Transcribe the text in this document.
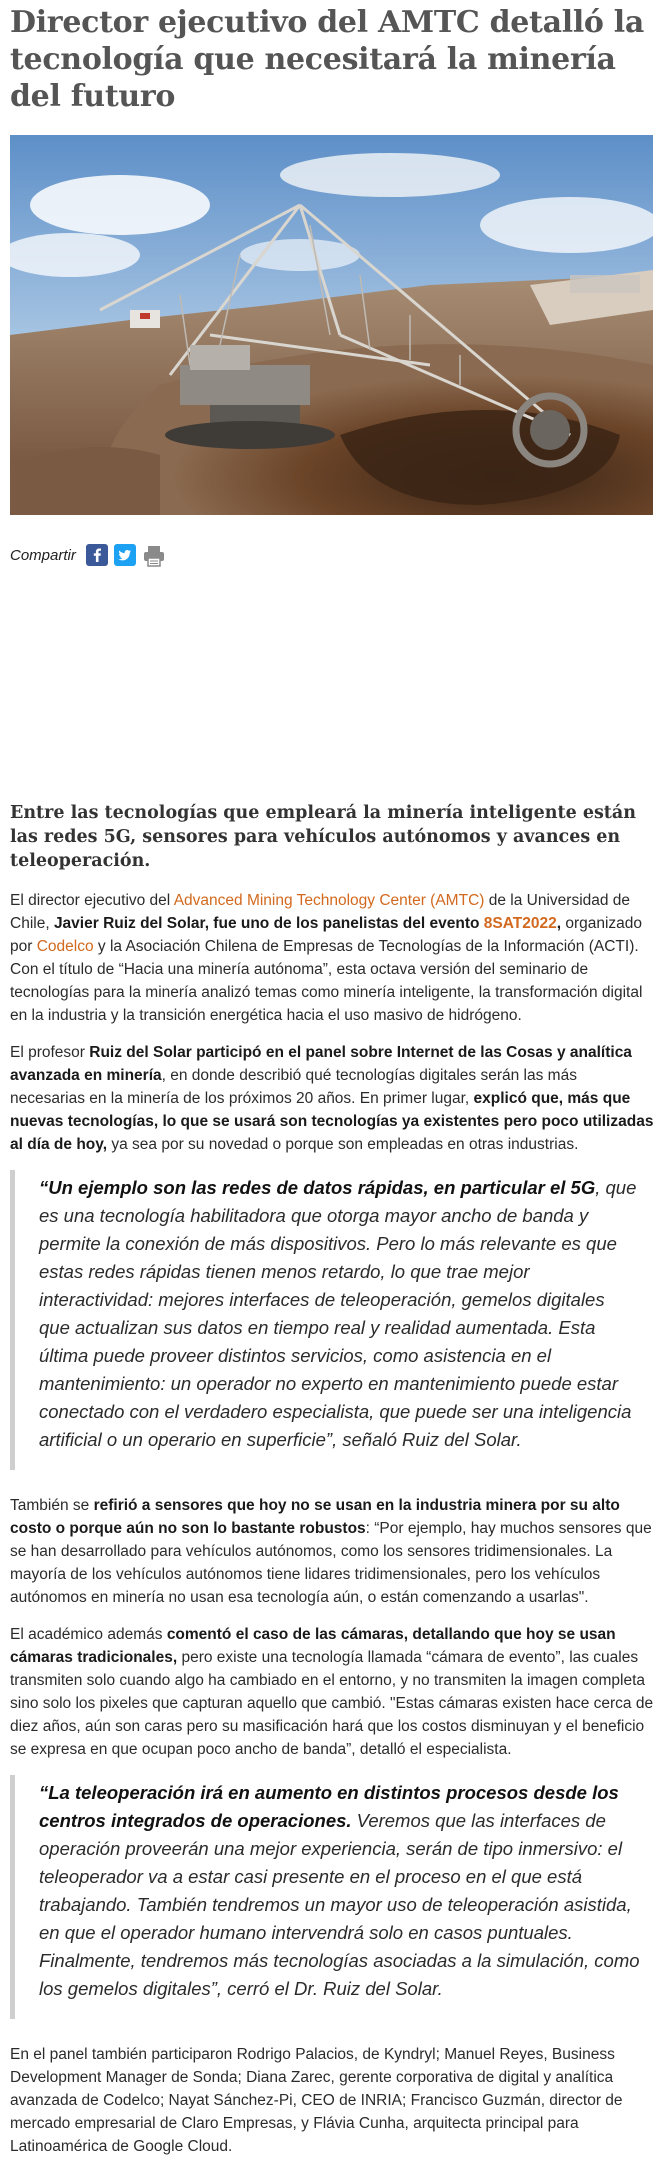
Director ejecutivo del AMTC detalló la tecnología que necesitará la minería del futuro
Compartir

Entre las tecnologías que empleará la minería inteligente están las redes 5G, sensores para vehículos autónomos y avances en teleoperación.

El director ejecutivo del Advanced Mining Technology Center (AMTC) de la Universidad de Chile, Javier Ruiz del Solar, fue uno de los panelistas del evento 8SAT2022, organizado por Codelco y la Asociación Chilena de Empresas de Tecnologías de la Información (ACTI). Con el título de “Hacia una minería autónoma”, esta octava versión del seminario de tecnologías para la minería analizó temas como minería inteligente, la transformación digital en la industria y la transición energética hacia el uso masivo de hidrógeno.

El profesor Ruiz del Solar participó en el panel sobre Internet de las Cosas y analítica avanzada en minería, en donde describió qué tecnologías digitales serán las más necesarias en la minería de los próximos 20 años. En primer lugar, explicó que, más que nuevas tecnologías, lo que se usará son tecnologías ya existentes pero poco utilizadas al día de hoy, ya sea por su novedad o porque son empleadas en otras industrias.

“Un ejemplo son las redes de datos rápidas, en particular el 5G, que es una tecnología habilitadora que otorga mayor ancho de banda y permite la conexión de más dispositivos. Pero lo más relevante es que estas redes rápidas tienen menos retardo, lo que trae mejor interactividad: mejores interfaces de teleoperación, gemelos digitales que actualizan sus datos en tiempo real y realidad aumentada. Esta última puede proveer distintos servicios, como asistencia en el mantenimiento: un operador no experto en mantenimiento puede estar conectado con el verdadero especialista, que puede ser una inteligencia artificial o un operario en superficie”, señaló Ruiz del Solar.

También se refirió a sensores que hoy no se usan en la industria minera por su alto costo o porque aún no son lo bastante robustos: “Por ejemplo, hay muchos sensores que se han desarrollado para vehículos autónomos, como los sensores tridimensionales. La mayoría de los vehículos autónomos tiene lidares tridimensionales, pero los vehículos autónomos en minería no usan esa tecnología aún, o están comenzando a usarlas".

El académico además comentó el caso de las cámaras, detallando que hoy se usan cámaras tradicionales, pero existe una tecnología llamada “cámara de evento”, las cuales transmiten solo cuando algo ha cambiado en el entorno, y no transmiten la imagen completa sino solo los pixeles que capturan aquello que cambió. "Estas cámaras existen hace cerca de diez años, aún son caras pero su masificación hará que los costos disminuyan y el beneficio se expresa en que ocupan poco ancho de banda”, detalló el especialista.

“La teleoperación irá en aumento en distintos procesos desde los centros integrados de operaciones. Veremos que las interfaces de operación proveerán una mejor experiencia, serán de tipo inmersivo: el teleoperador va a estar casi presente en el proceso en el que está trabajando. También tendremos un mayor uso de teleoperación asistida, en que el operador humano intervendrá solo en casos puntuales. Finalmente, tendremos más tecnologías asociadas a la simulación, como los gemelos digitales”, cerró el Dr. Ruiz del Solar.

En el panel también participaron Rodrigo Palacios, de Kyndryl; Manuel Reyes, Business Development Manager de Sonda; Diana Zarec, gerente corporativa de digital y analítica avanzada de Codelco; Nayat Sánchez-Pi, CEO de INRIA; Francisco Guzmán, director de mercado empresarial de Claro Empresas, y Flávia Cunha, arquitecta principal para Latinoamérica de Google Cloud.
